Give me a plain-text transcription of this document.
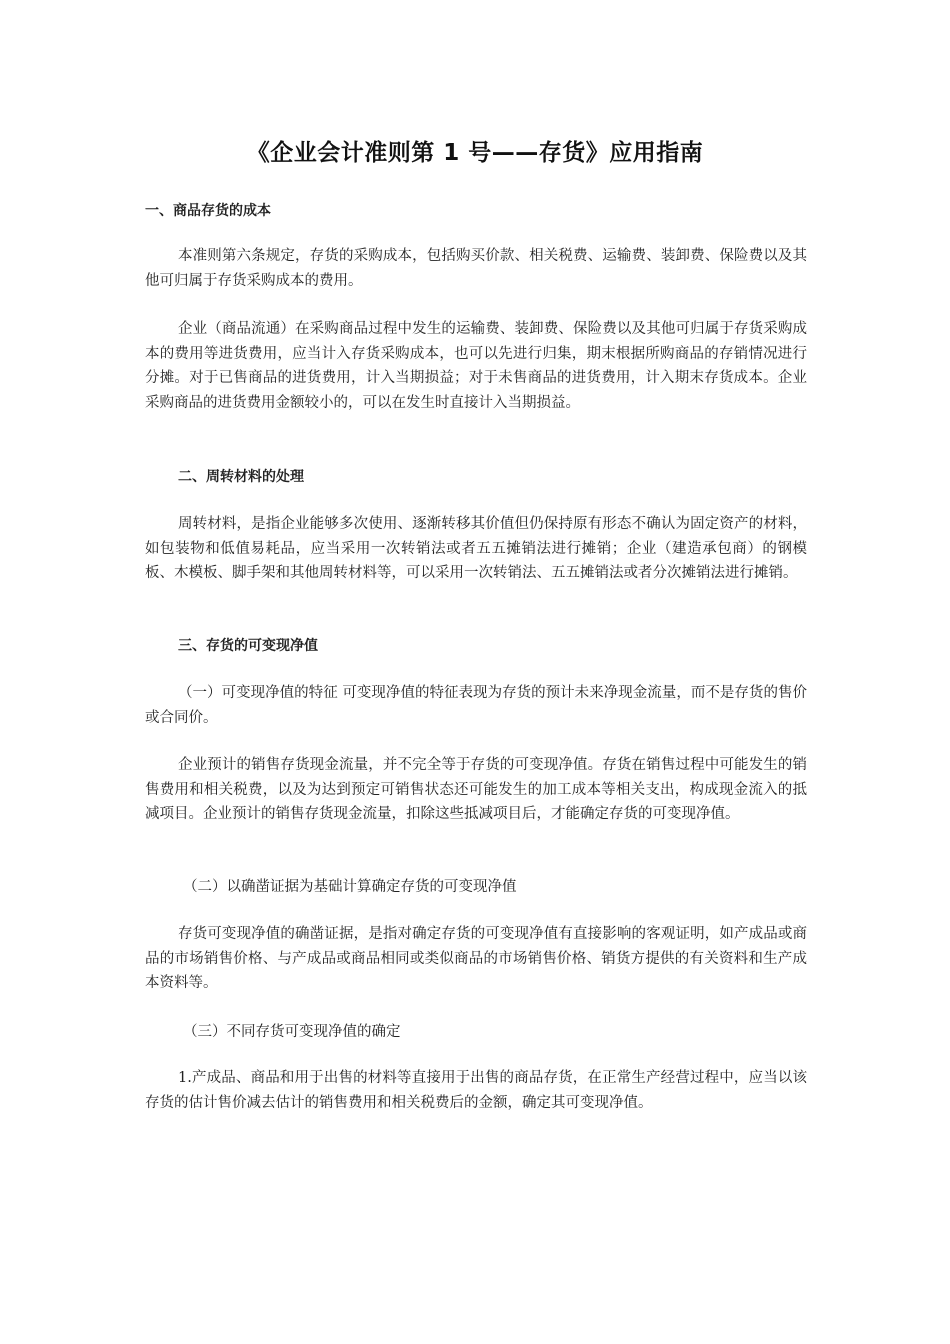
《企业会计准则第 1 号——存货》应用指南

一、商品存货的成本

本准则第六条规定，存货的采购成本，包括购买价款、相关税费、运输费、装卸费、保险费以及其他可归属于存货采购成本的费用。

企业（商品流通）在采购商品过程中发生的运输费、装卸费、保险费以及其他可归属于存货采购成本的费用等进货费用，应当计入存货采购成本，也可以先进行归集，期末根据所购商品的存销情况进行分摊。对于已售商品的进货费用，计入当期损益；对于未售商品的进货费用，计入期末存货成本。企业采购商品的进货费用金额较小的，可以在发生时直接计入当期损益。

二、周转材料的处理

周转材料，是指企业能够多次使用、逐渐转移其价值但仍保持原有形态不确认为固定资产的材料，如包装物和低值易耗品，应当采用一次转销法或者五五摊销法进行摊销；企业（建造承包商）的钢模板、木模板、脚手架和其他周转材料等，可以采用一次转销法、五五摊销法或者分次摊销法进行摊销。

三、存货的可变现净值

（一）可变现净值的特征 可变现净值的特征表现为存货的预计未来净现金流量，而不是存货的售价或合同价。

企业预计的销售存货现金流量，并不完全等于存货的可变现净值。存货在销售过程中可能发生的销售费用和相关税费，以及为达到预定可销售状态还可能发生的加工成本等相关支出，构成现金流入的抵减项目。企业预计的销售存货现金流量，扣除这些抵减项目后，才能确定存货的可变现净值。

（二）以确凿证据为基础计算确定存货的可变现净值

存货可变现净值的确凿证据，是指对确定存货的可变现净值有直接影响的客观证明，如产成品或商品的市场销售价格、与产成品或商品相同或类似商品的市场销售价格、销货方提供的有关资料和生产成本资料等。

（三）不同存货可变现净值的确定

1.产成品、商品和用于出售的材料等直接用于出售的商品存货，在正常生产经营过程中，应当以该存货的估计售价减去估计的销售费用和相关税费后的金额，确定其可变现净值。
